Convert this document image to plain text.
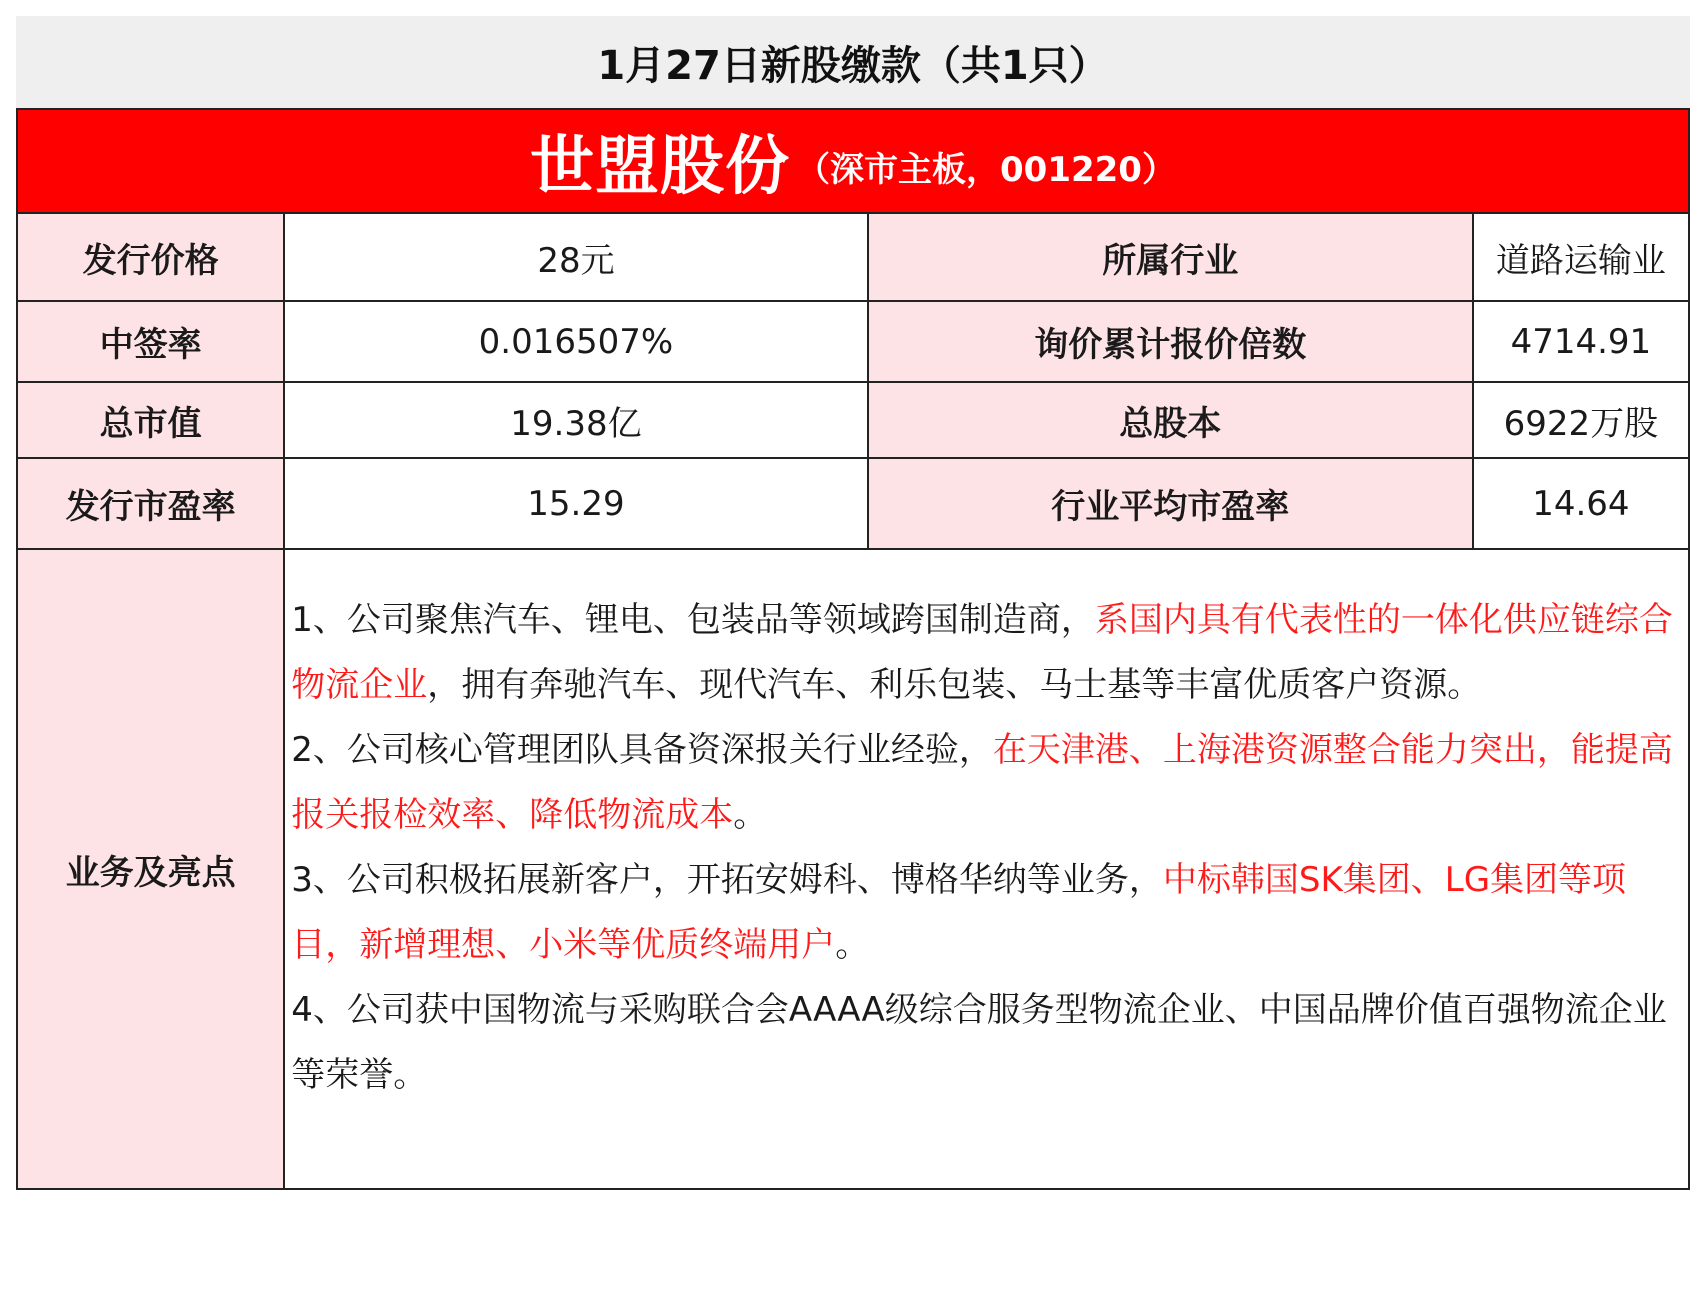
1月27日新股缴款（共1只）
世盟股份 （深市主板，001220）
发行价格	28元	所属行业	道路运输业
中签率	0.016507%	询价累计报价倍数	4714.91
总市值	19.38亿	总股本	6922万股
发行市盈率	15.29	行业平均市盈率	14.64
业务及亮点	1、公司聚焦汽车、锂电、包装品等领域跨国制造商，系国内具有代表性的一体化供应链综合物流企业，拥有奔驰汽车、现代汽车、利乐包装、马士基等丰富优质客户资源。

2、公司核心管理团队具备资深报关行业经验，在天津港、上海港资源整合能力突出，能提高报关报检效率、降低物流成本。

3、公司积极拓展新客户，开拓安姆科、博格华纳等业务，中标韩国SK集团、LG集团等项目，新增理想、小米等优质终端用户。

4、公司获中国物流与采购联合会AAAA级综合服务型物流企业、中国品牌价值百强物流企业等荣誉。		
